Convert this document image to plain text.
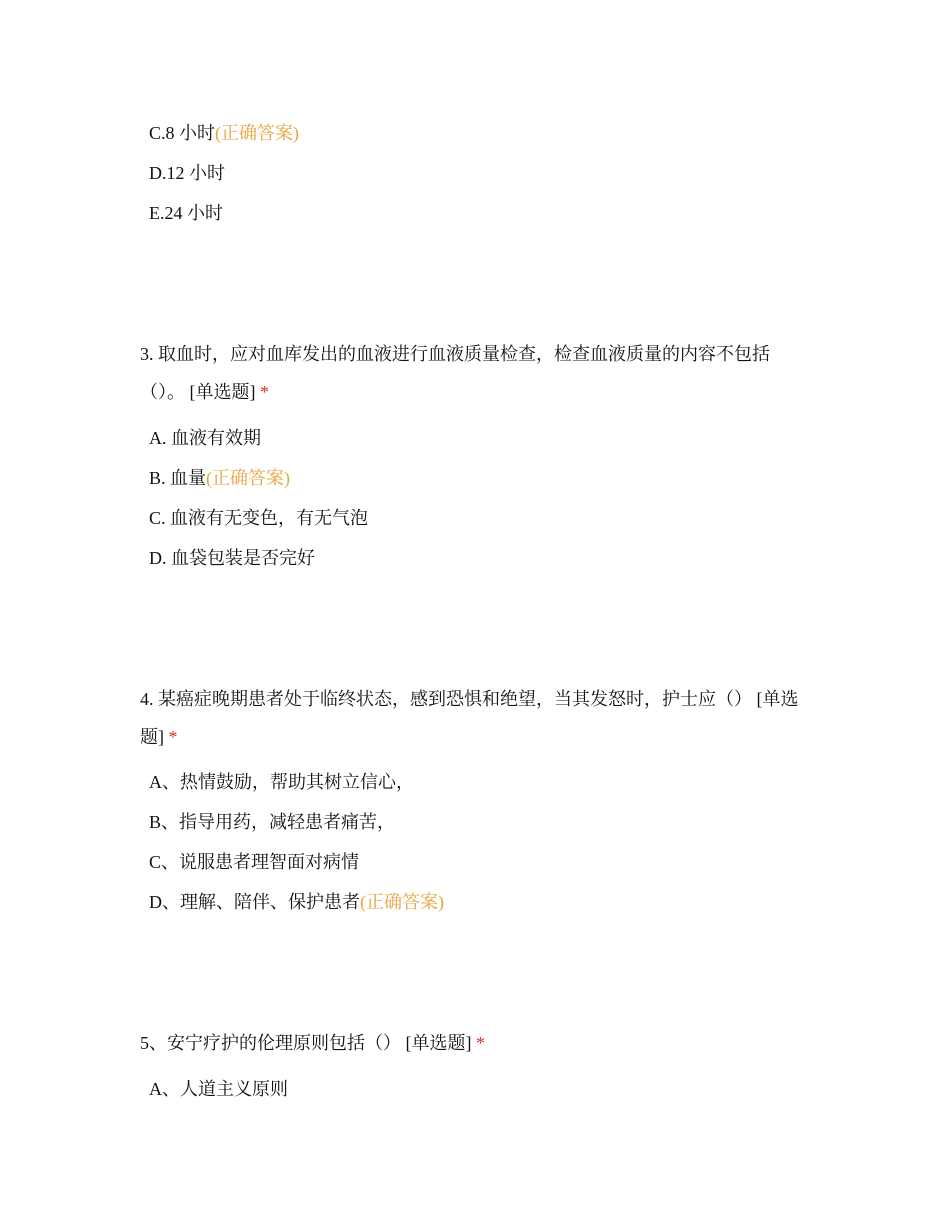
C.8 小时(正确答案)
D.12 小时
E.24 小时
3. 取血时，应对血库发出的血液进行血液质量检查，检查血液质量的内容不包括（）。 [单选题] *
A. 血液有效期
B. 血量(正确答案)
C. 血液有无变色，有无气泡
D. 血袋包装是否完好
4. 某癌症晚期患者处于临终状态，感到恐惧和绝望，当其发怒时，护士应（） [单选题] *
A、热情鼓励，帮助其树立信心，
B、指导用药，减轻患者痛苦，
C、说服患者理智面对病情
D、理解、陪伴、保护患者(正确答案)
5、安宁疗护的伦理原则包括（） [单选题] *
A、人道主义原则
